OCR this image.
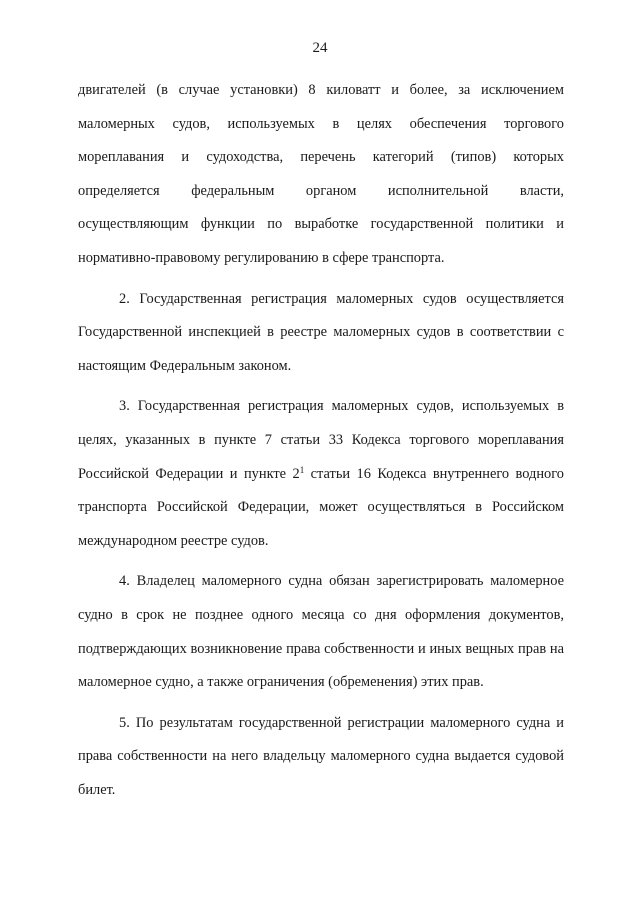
24

двигателей (в случае установки) 8 киловатт и более, за исключением маломерных судов, используемых в целях обеспечения торгового мореплавания и судоходства, перечень категорий (типов) которых определяется федеральным органом исполнительной власти, осуществляющим функции по выработке государственной политики и нормативно-правовому регулированию в сфере транспорта.

2. Государственная регистрация маломерных судов осуществляется Государственной инспекцией в реестре маломерных судов в соответствии с настоящим Федеральным законом.

3. Государственная регистрация маломерных судов, используемых в целях, указанных в пункте 7 статьи 33 Кодекса торгового мореплавания Российской Федерации и пункте $2^1$ статьи 16 Кодекса внутреннего водного транспорта Российской Федерации, может осуществляться в Российском международном реестре судов.

4. Владелец маломерного судна обязан зарегистрировать маломерное судно в срок не позднее одного месяца со дня оформления документов, подтверждающих возникновение права собственности и иных вещных прав на маломерное судно, а также ограничения (обременения) этих прав.

5. По результатам государственной регистрации маломерного судна и права собственности на него владельцу маломерного судна выдается судовой билет.
